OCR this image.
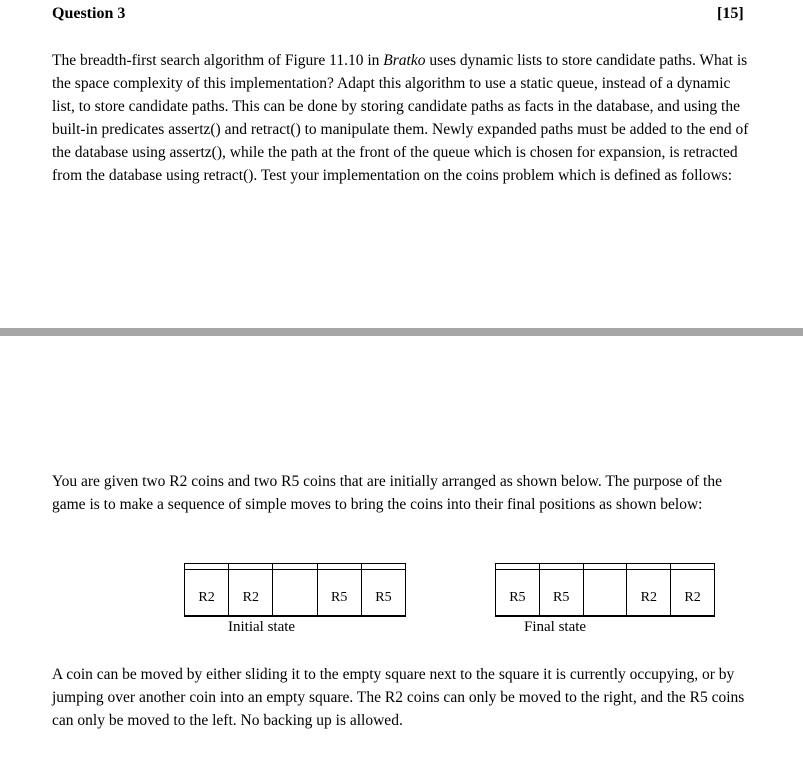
Question 3	[15]

The breadth-first search algorithm of Figure 11.10 in Bratko uses dynamic lists to store candidate paths. What is the space complexity of this implementation? Adapt this algorithm to use a static queue, instead of a dynamic list, to store candidate paths. This can be done by storing candidate paths as facts in the database, and using the built-in predicates assertz() and retract() to manipulate them. Newly expanded paths must be added to the end of the database using assertz(), while the path at the front of the queue which is chosen for expansion, is retracted from the database using retract(). Test your implementation on the coins problem which is defined as follows:

You are given two R2 coins and two R5 coins that are initially arranged as shown below. The purpose of the game is to make a sequence of simple moves to bring the coins into their final positions as shown below:

R2 R2	R5 R5
Initial state
R5 R5	R2 R2
Final state

A coin can be moved by either sliding it to the empty square next to the square it is currently occupying, or by jumping over another coin into an empty square. The R2 coins can only be moved to the right, and the R5 coins can only be moved to the left. No backing up is allowed.
